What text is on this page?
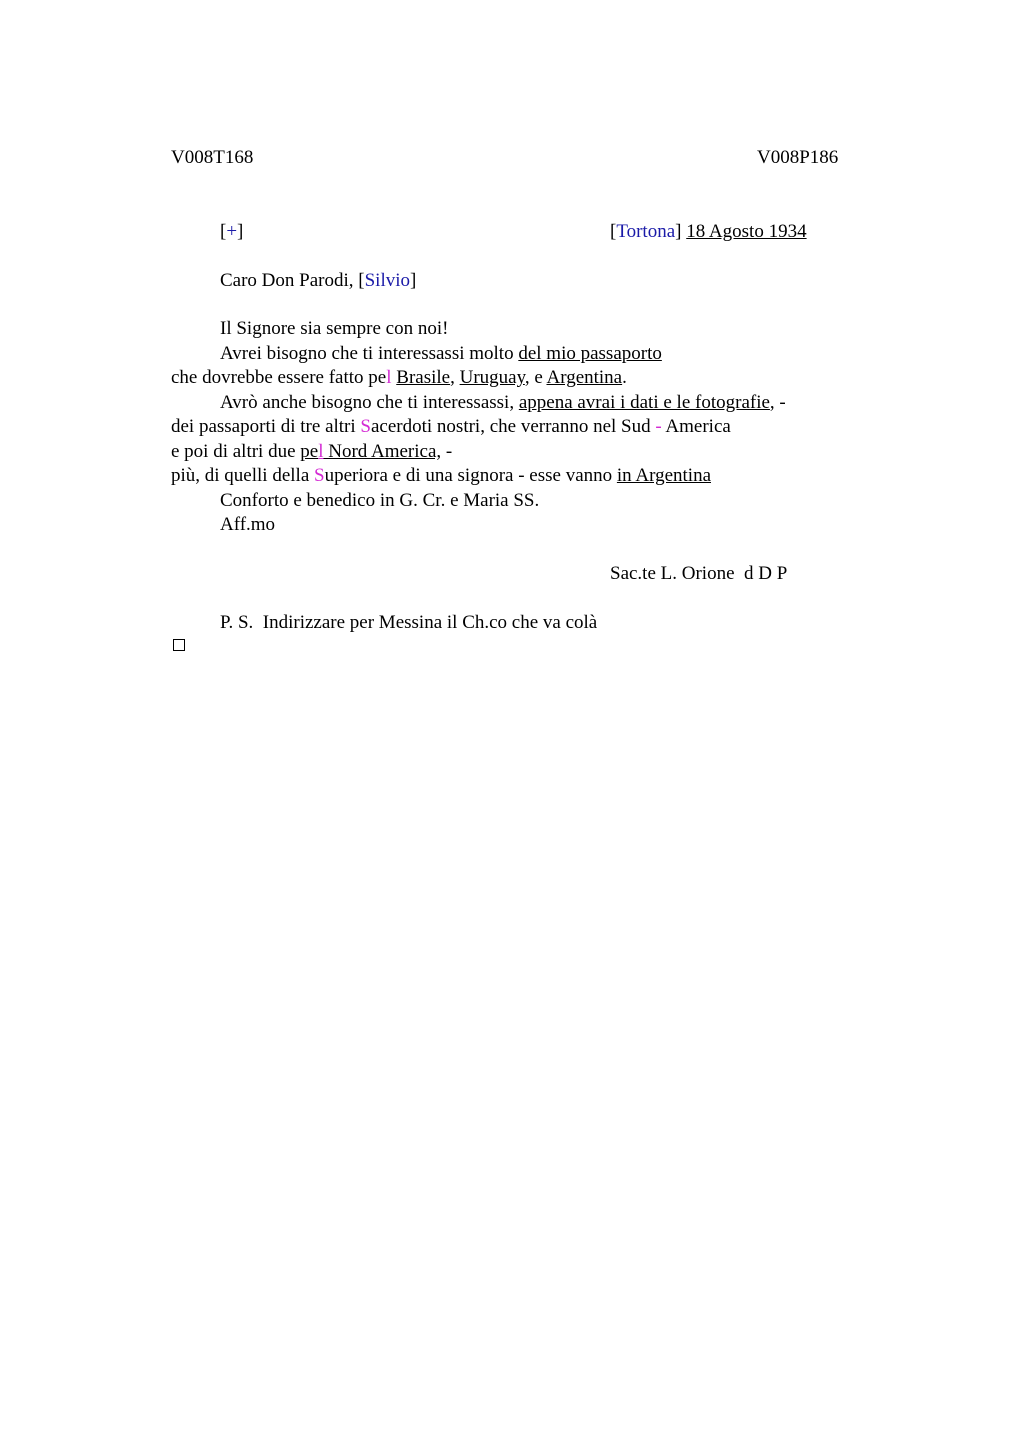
V008T168	V008P186
[+]	[Tortona] 18 Agosto 1934
Caro Don Parodi, [Silvio]
Il Signore sia sempre con noi!
Avrei bisogno che ti interessassi molto del mio passaporto
che dovrebbe essere fatto pel Brasile, Uruguay, e Argentina.
Avrò anche bisogno che ti interessassi, appena avrai i dati e le fotografie, -
dei passaporti di tre altri Sacerdoti nostri, che verranno nel Sud - America
e poi di altri due pel Nord America, -
più, di quelli della Superiora e di una signora - esse vanno in Argentina
Conforto e benedico in G. Cr. e Maria SS.
Aff.mo
Sac.te L. Orione  d D P
P. S.  Indirizzare per Messina il Ch.co che va colà
